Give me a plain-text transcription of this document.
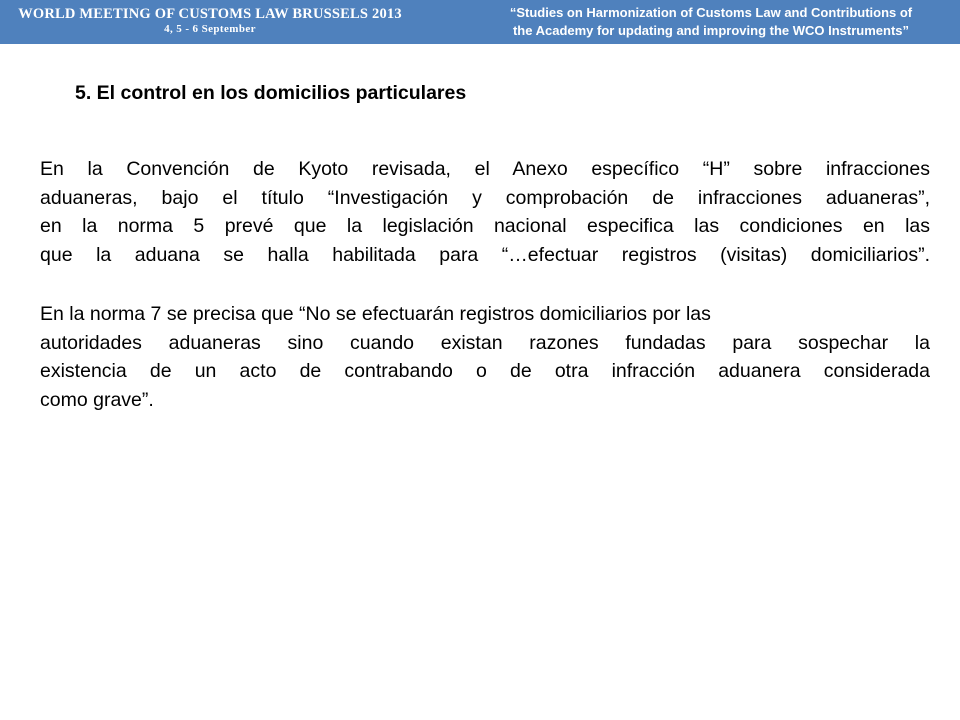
WORLD MEETING OF CUSTOMS LAW BRUSSELS 2013
4, 5 - 6 September
“Studies on Harmonization of Customs Law and Contributions of
the Academy for updating and improving the WCO Instruments”
5. El control en los domicilios particulares
En la Convención de Kyoto revisada, el Anexo específico “H” sobre infracciones
aduaneras, bajo el título “Investigación y comprobación de infracciones aduaneras”,
en la norma 5 prevé que la legislación nacional especifica las condiciones en las
que la aduana se halla habilitada para “…efectuar registros (visitas) domiciliarios”.
En la norma 7 se precisa que “No se efectuarán registros domiciliarios por las
autoridades aduaneras sino cuando existan razones fundadas para sospechar la
existencia de un acto de contrabando o de otra infracción aduanera considerada
como grave”.
